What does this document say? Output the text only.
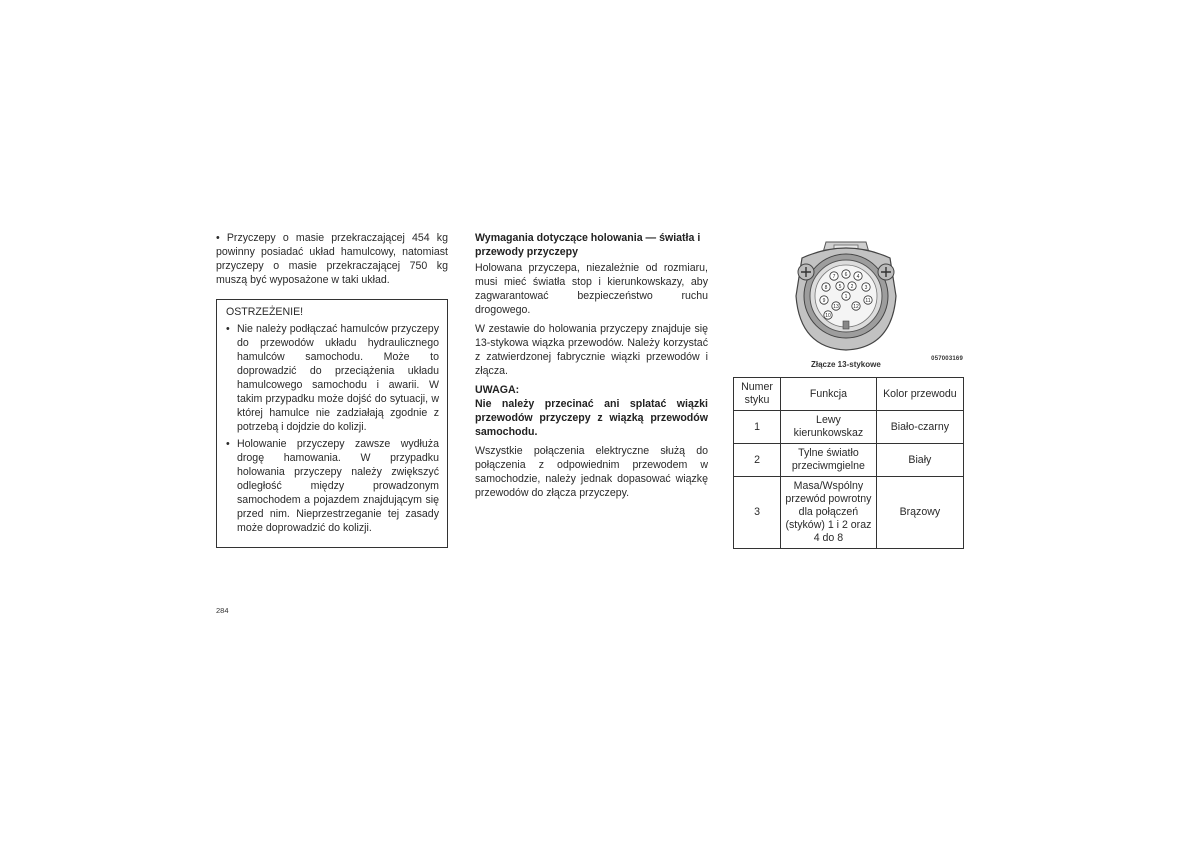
• Przyczepy o masie przekraczającej 454 kg powinny posiadać układ hamulcowy, natomiast przyczepy o masie przekraczającej 750 kg muszą być wyposażone w taki układ.

OSTRZEŻENIE!
• Nie należy podłączać hamulców przyczepy do przewodów układu hydraulicznego hamulców samochodu. Może to doprowadzić do przeciążenia układu hamulcowego samochodu i awarii. W takim przypadku może dojść do sytuacji, w której hamulce nie zadziałają zgodnie z potrzebą i dojdzie do kolizji.
• Holowanie przyczepy zawsze wydłuża drogę hamowania. W przypadku holowania przyczepy należy zwiększyć odległość między prowadzonym samochodem a pojazdem znajdującym się przed nim. Nieprzestrzeganie tej zasady może doprowadzić do kolizji.
Wymagania dotyczące holowania — światła i przewody przyczepy

Holowana przyczepa, niezależnie od rozmiaru, musi mieć światła stop i kierunkowskazy, aby zagwarantować bezpieczeństwo ruchu drogowego.

W zestawie do holowania przyczepy znajduje się 13-stykowa wiązka przewodów. Należy korzystać z zatwierdzonej fabrycznie wiązki przewodów i złącza.

UWAGA:

Nie należy przecinać ani splatać wiązki przewodów przyczepy z wiązką przewodów samochodu.

Wszystkie połączenia elektryczne służą do połączenia z odpowiednim przewodem w samochodzie, należy jednak dopasować wiązkę przewodów do złącza przyczepy.

7 6 4
8 5 2 3
1
9
13	12
11
10
Złącze 13-stykowe
057003169
Numer styku	Funkcja	Kolor przewodu
1	Lewy kierunkowskaz	Biało-czarny
2	Tylne światło przeciwmgielne	Biały
3	Masa/Wspólny przewód powrotny dla połączeń (styków) 1 i 2 oraz 4 do 8	Brązowy
284
